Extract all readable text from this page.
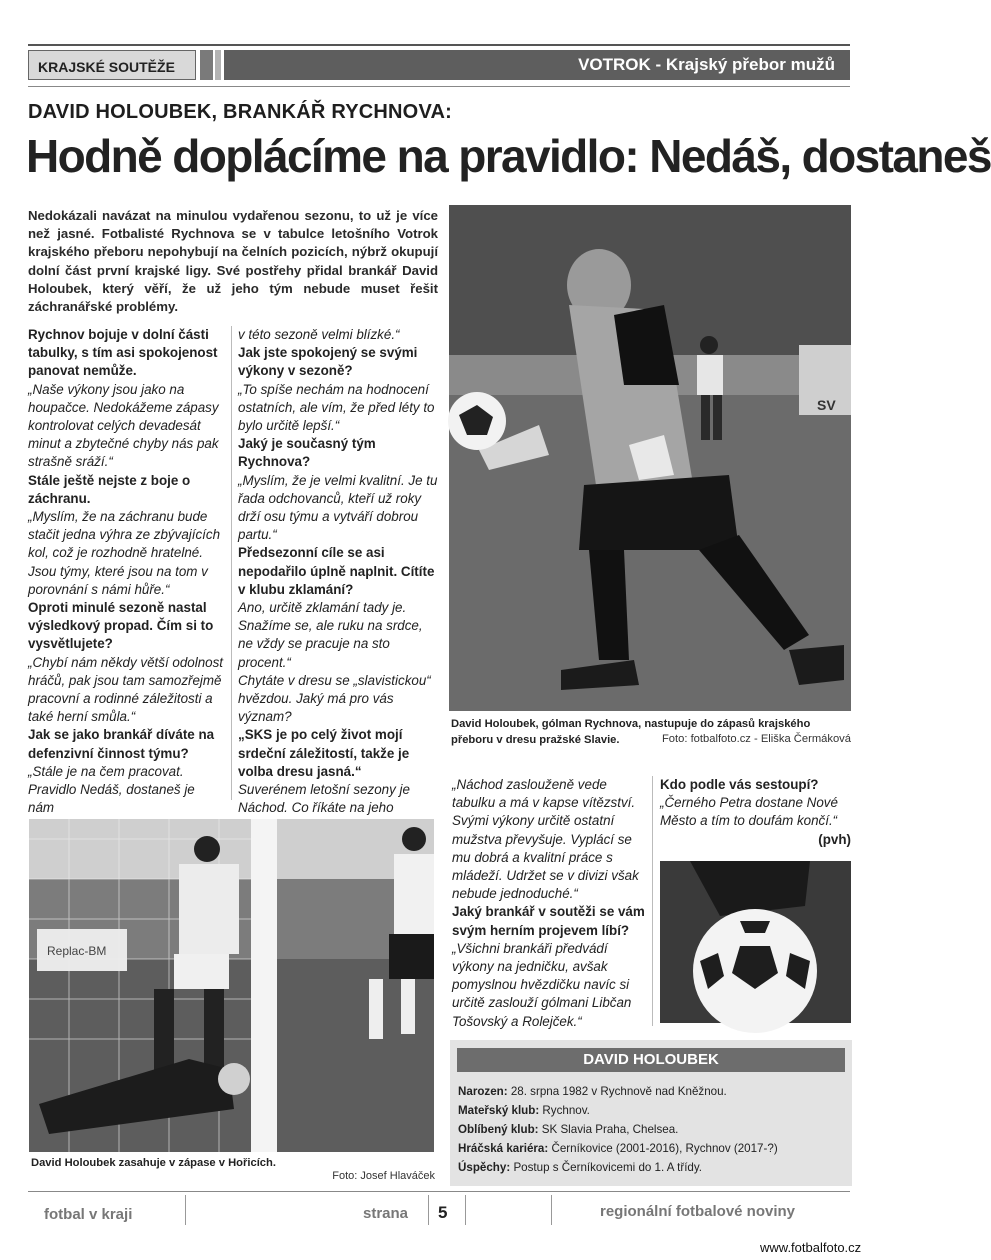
KRAJSKÉ SOUTĚŽE	VOTROK - Krajský přebor mužů
DAVID HOLOUBEK, BRANKÁŘ RYCHNOVA:
Hodně doplácíme na pravidlo: Nedáš, dostaneš
Nedokázali navázat na minulou vydařenou sezonu, to už je více než jasné. Fotbalisté Rychnova se v tabulce letošního Votrok krajského přeboru nepohybují na čelních pozicích, nýbrž okupují dolní část první krajské ligy. Své postřehy přidal brankář David Holoubek, který věří, že už jeho tým nebude muset řešit záchranářské problémy.
Rychnov bojuje v dolní části tabulky, s tím asi spokojenost panovat nemůže.
„Naše výkony jsou jako na houpačce. Nedokážeme zápasy kontrolovat celých devadesát minut a zbytečné chyby nás pak strašně sráží.“
Stále ještě nejste z boje o záchranu.
„Myslím, že na záchranu bude stačit jedna výhra ze zbývajících kol, což je rozhodně hratelné. Jsou týmy, které jsou na tom v porovnání s námi hůře.“
Oproti minulé sezoně nastal výsledkový propad. Čím si to vysvětlujete?
„Chybí nám někdy větší odolnost hráčů, pak jsou tam samozřejmě pracovní a rodinné záležitosti a také herní smůla.“
Jak se jako brankář díváte na defenzivní činnost týmu?
„Stále je na čem pracovat. Pravidlo Nedáš, dostaneš je nám
v této sezoně velmi blízké.“
Jak jste spokojený se svými výkony v sezoně?
„To spíše nechám na hodnocení ostatních, ale vím, že před léty to bylo určitě lepší.“
Jaký je současný tým Rychnova?
„Myslím, že je velmi kvalitní. Je tu řada odchovanců, kteří už roky drží osu týmu a vytváří dobrou partu.“
Předsezonní cíle se asi nepodařilo úplně naplnit. Cítíte v klubu zklamání?
Ano, určitě zklamání tady je. Snažíme se, ale ruku na srdce, ne vždy se pracuje na sto procent.“
Chytáte v dresu se „slavistickou“ hvězdou. Jaký má pro vás význam?
„SKS je po celý život mojí srdeční záležitostí, takže je volba dresu jasná.“
Suverénem letošní sezony je Náchod. Co říkáte na jeho
SV
David Holoubek, gólman Rychnova, nastupuje do zápasů krajského přeboru v dresu pražské Slavie.	Foto: fotbalfoto.cz - Eliška Čermáková
Replac-BM
David Holoubek zasahuje v zápase v Hořicích.
Foto: Josef Hlaváček
„Náchod zaslouženě vede tabulku a má v kapse vítězství. Svými výkony určitě ostatní mužstva převyšuje. Vyplácí se mu dobrá a kvalitní práce s mládeží. Udržet se v divizi však nebude jednoduché.“
Jaký brankář v soutěži se vám svým herním projevem líbí?
„Všichni brankáři předvádí výkony na jedničku, avšak pomyslnou hvězdičku navíc si určitě zaslouží gólmani Libčan Tošovský a Rolejček.“
Kdo podle vás sestoupí?
„Černého Petra dostane Nové Město a tím to doufám končí.“
(pvh)
DAVID HOLOUBEK
Narozen: 28. srpna 1982 v Rychnově nad Kněžnou.
Mateřský klub: Rychnov.
Oblíbený klub: SK Slavia Praha, Chelsea.
Hráčská kariéra: Černíkovice (2001-2016), Rychnov (2017-?)
Úspěchy: Postup s Černíkovicemi do 1. A třídy.
fotbal v kraji	strana 5	regionální fotbalové noviny
www.fotbalfoto.cz
